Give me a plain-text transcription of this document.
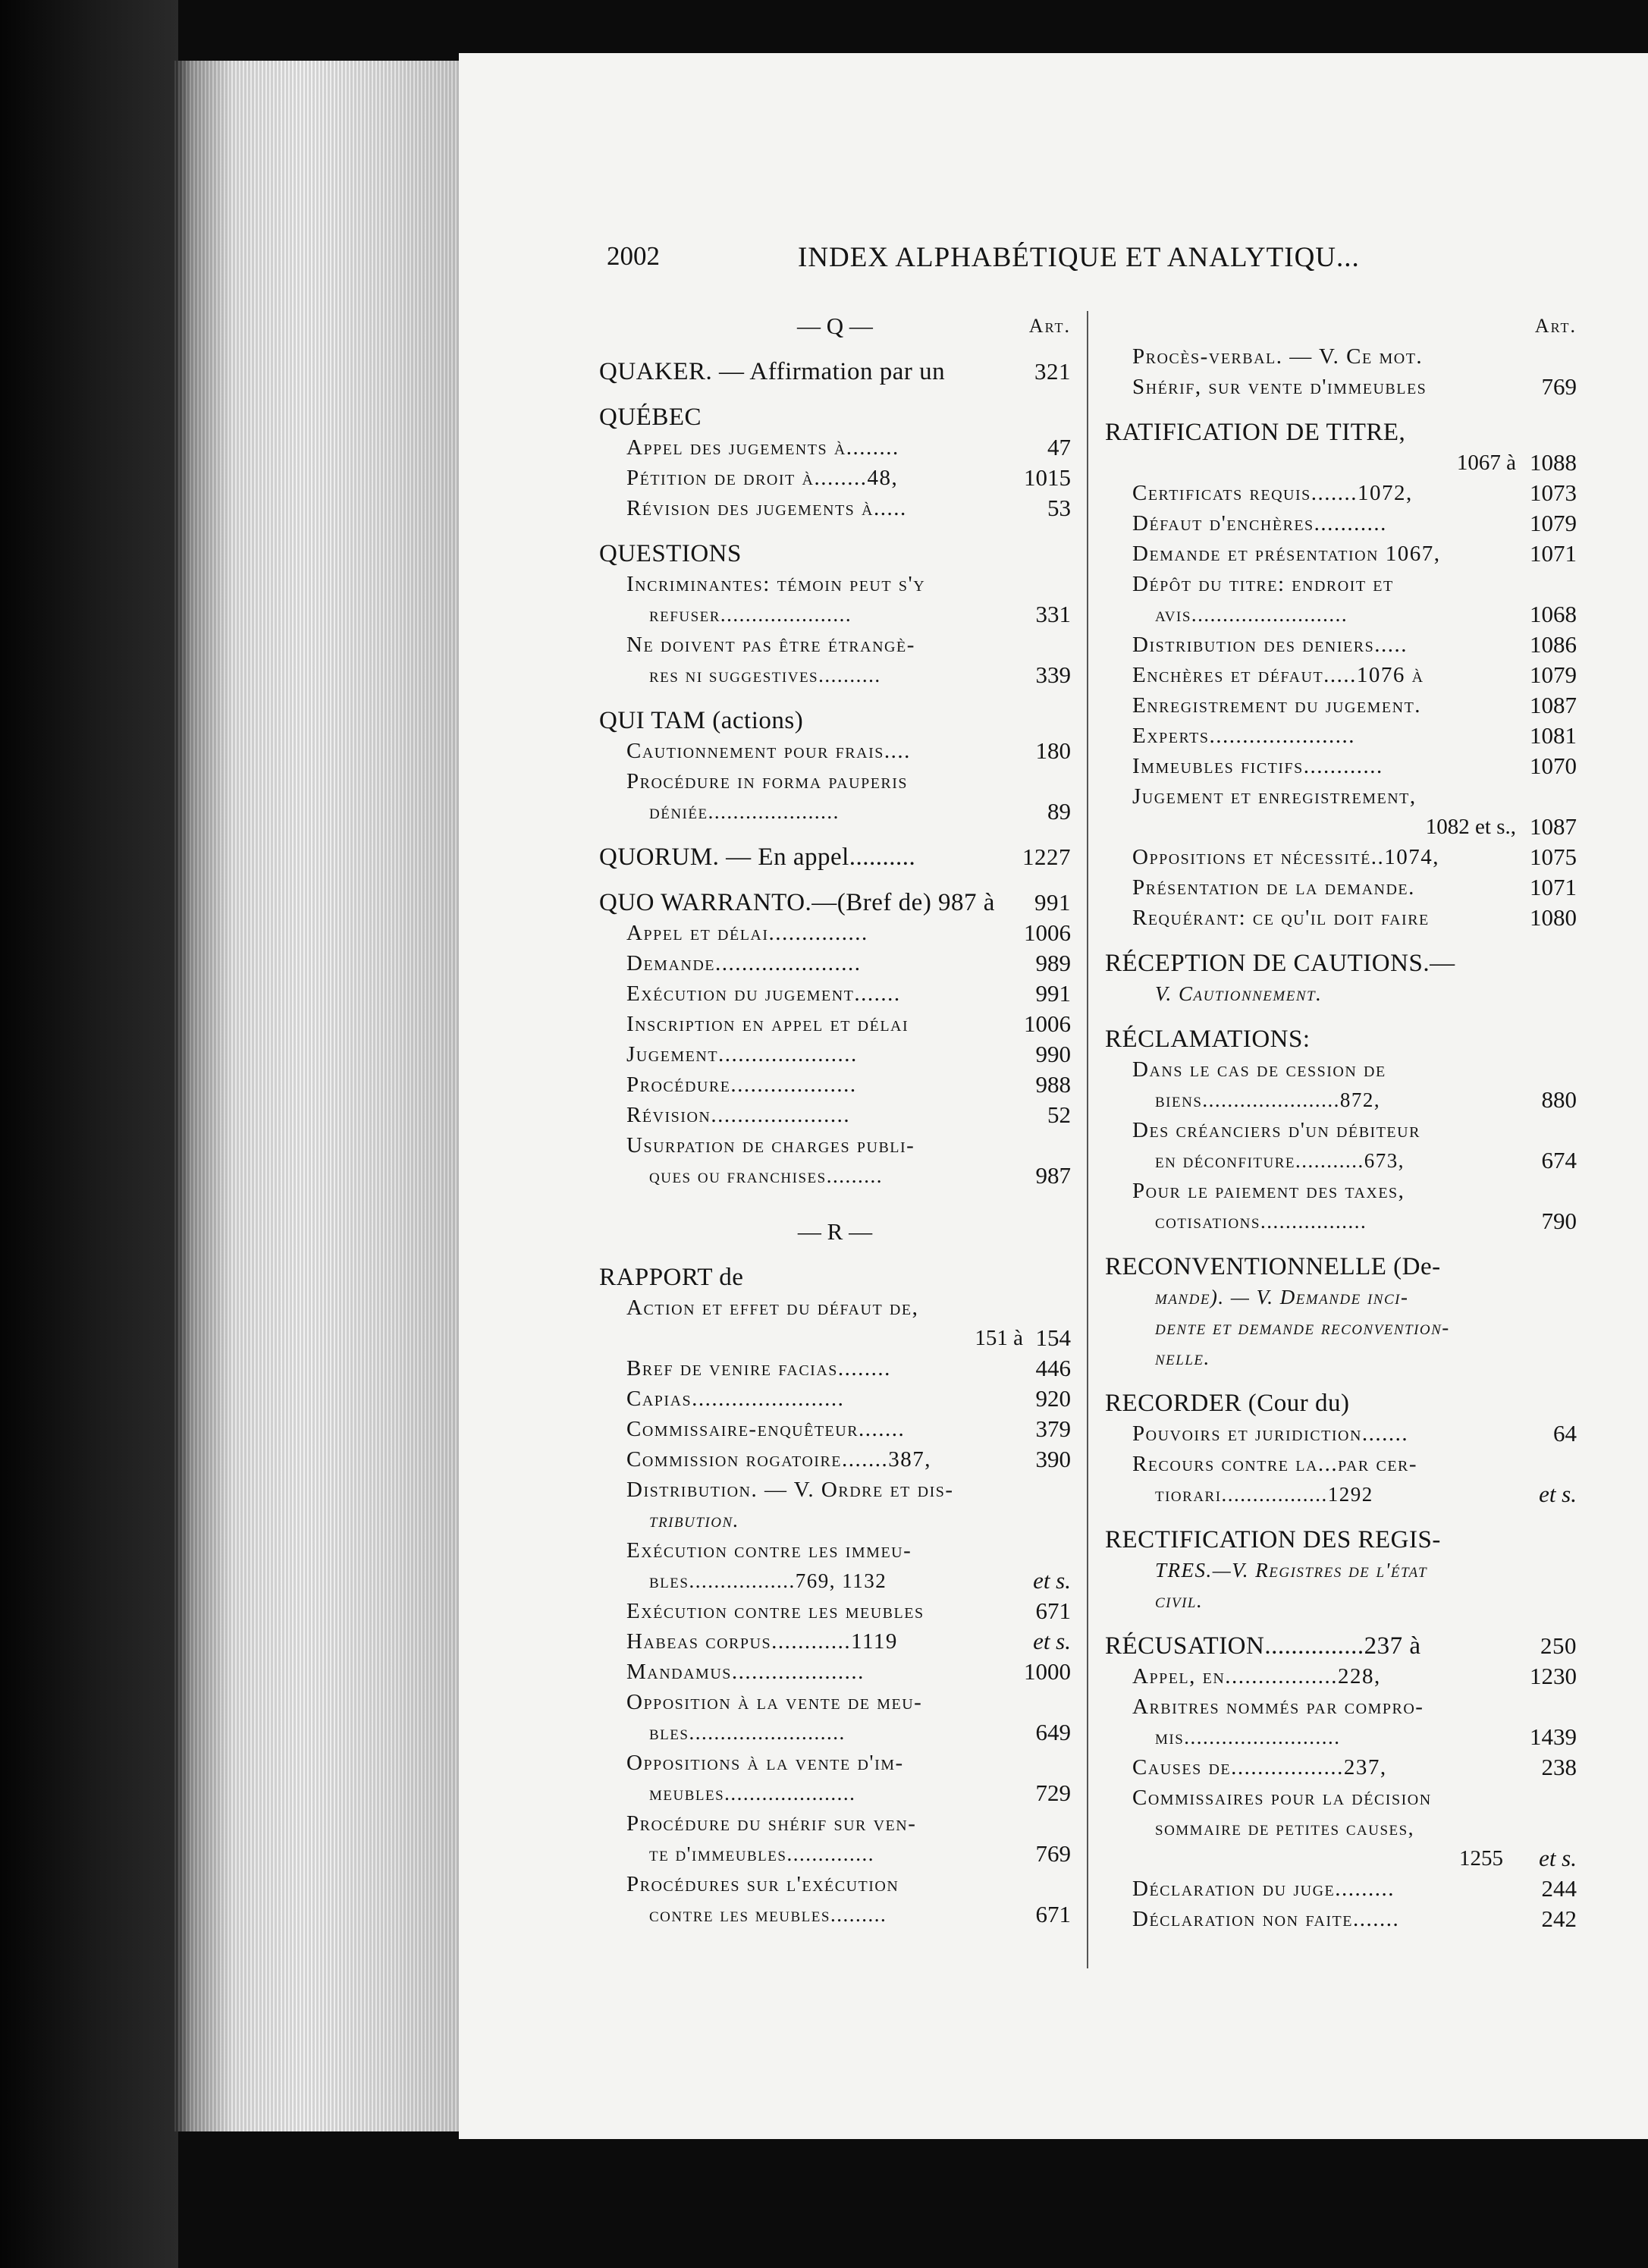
2002	INDEX ALPHABÉTIQUE ET ANALYTIQU...
— Q —	Art.
QUAKER. — Affirmation par un	321
QUÉBEC
Appel des jugements à........	47
Pétition de droit à........48,	1015
Révision des jugements à.....	53
QUESTIONS
Incriminantes: témoin peut s'y
refuser.....................	331
Ne doivent pas être étrangè-
res ni suggestives..........	339
QUI TAM (actions)
Cautionnement pour frais....	180
Procédure in forma pauperis
déniée.....................	89
QUORUM. — En appel..........	1227
QUO WARRANTO.—(Bref de) 987 à 991
Appel et délai...............	1006
Demande......................	989
Exécution du jugement.......	991
Inscription en appel et délai	1006
Jugement.....................	990
Procédure...................	988
Révision.....................	52
Usurpation de charges publi-
ques ou franchises.........	987
— R —
RAPPORT de
Action et effet du défaut de,
151 à 154
Bref de venire facias........	446
Capias.......................	920
Commissaire-enquêteur.......	379
Commission rogatoire.......387,	390
Distribution. — V. Ordre et dis-
tribution.
Exécution contre les immeu-
bles.................769, 1132	et s.
Exécution contre les meubles	671
Habeas corpus............1119	et s.
Mandamus....................	1000
Opposition à la vente de meu-
bles.........................	649
Oppositions à la vente d'im-
meubles.....................	729
Procédure du shérif sur ven-
te d'immeubles..............	769
Procédures sur l'exécution
contre les meubles.........	671
Art.
Procès-verbal. — V. Ce mot.
Shérif, sur vente d'immeubles	769
RATIFICATION DE TITRE,
1067 à 1088
Certificats requis.......1072,	1073
Défaut d'enchères...........	1079
Demande et présentation 1067,	1071
Dépôt du titre: endroit et
avis.........................	1068
Distribution des deniers.....	1086
Enchères et défaut.....1076 à	1079
Enregistrement du jugement.	1087
Experts......................	1081
Immeubles fictifs............	1070
Jugement et enregistrement,
1082 et s., 1087
Oppositions et nécessité..1074,	1075
Présentation de la demande.	1071
Requérant: ce qu'il doit faire	1080
RÉCEPTION DE CAUTIONS.—
V. Cautionnement.
RÉCLAMATIONS:
Dans le cas de cession de
biens......................872,	880
Des créanciers d'un débiteur
en déconfiture...........673,	674
Pour le paiement des taxes,
cotisations.................	790
RECONVENTIONNELLE (De-
mande). — V. Demande inci-
dente et demande reconvention-
nelle.
RECORDER (Cour du)
Pouvoirs et juridiction.......	64
Recours contre la...par cer-
tiorari.................1292	et s.
RECTIFICATION DES REGIS-
TRES.—V. Registres de l'état
civil.
RÉCUSATION...............237 à	250
Appel, en.................228,	1230
Arbitres nommés par compro-
mis.........................	1439
Causes de.................237,	238
Commissaires pour la décision
sommaire de petites causes,
1255 et s.
Déclaration du juge.........	244
Déclaration non faite.......	242
